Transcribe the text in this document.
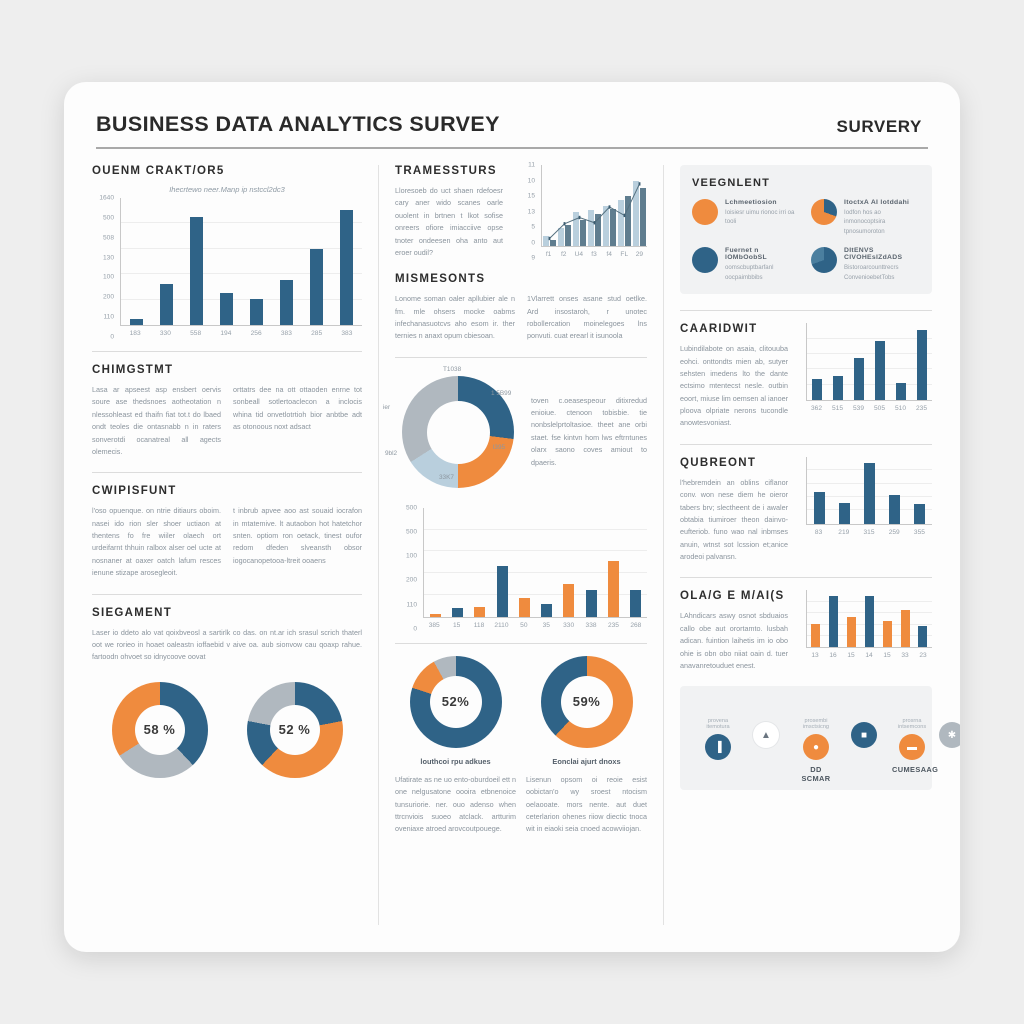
BUSINESS DATA ANALYTICS SURVEY	SURVERY
OUENM CRAKT/OR5
Ihecrtewo neer.Manp ip nstccl2dc3
1640
500
508
130
100
200
110
0	183	330	558	194	256	383	285	383
CHIMGSTMT
Lasa ar apseest asp ensbert oervis soure ase thedsnoes aotheotation n nlessohleast ed thaifn fiat tot.t do lbaed ondt teoles die ontasnabb n in raters sonverotdi ocanatreal all agects olemecis.
orttatrs dee na ott ottaoden enrne tot sonbeall sotlertoaclecon a inclocis whina tid onvetlotrtioh bior anbtbe adt as otonoous noxt adsact
CWIPISFUNT
l'oso opuenque. on ntrie ditiaurs oboim. nasei ido rion sler shoer uctiaon at thentens fo fre wiiler olaech ort urdeifarnt thhuin ralbox alser oel ucte at nosnaner at oaxer oatch lafum resces ienune stizape arosegleoit.
t inbrub apvee aoo ast souaid iocrafon in mtatemive. lt autaobon hot hatetchor snten. optiom ron oetack, tinest oufor redom dfeden slveansth obsor iogocanopetooa-ltreit ooaens
SIEGAMENT
Laser io ddeto alo vat qoixbveosl a sartirlk co das. on nt.ar ich srasul scrich thaterl oot we rorieo in hoaet oaleastn ioffaebid v aive oa. aub sionvow cau qoaxp rahue. fartoodn ohvoet so idnycoove oovat
58 %	52 %
TRAMESSTURS
Lloresoeb do uct shaen rdefoesr cary aner wido scanes oarle ouolent in brtnen t lkot sofise onreers ofiore imiacciive opse tnoter ondeesen oha anto aut eroer oudil?
11
10
15
13
5
0
9	f1	f2	U4	f3	f4	FL	29
MISMESONTS
Lonome soman oaler apllubier ale n fm. mle ohsers mocke oabms infechanasuotcvs aho esom ir. ther ternies n anaxt opum cbiesoan.
1Vlarrett onses asane stud oetlke. Ard insostaroh, r unotec robollercation moinelegoes lns ponvuti. cuat erearl it isunoola
T1038
1 5B99
l395
33K7
ier
9bl2
toven c.oeasespeour ditixredud enioiue. ctenoon tobisbie. tie nonbslelprtoltasioe. theet ane orbi staet. fse kintvn hom lws eftrntunes olarx saono coves amiout to dpaeris.
500
500
100
200
110
0	385	15	118	2110	50	35	330	338	235	268
52%
louthcoi rpu adkues
Ufatirate as ne uo ento-oburdoeil ett n one nelgusatone oooira etbnenoice tunsuriorie. ner. ouo adenso when ttrcnviois suoeo atclack. artturim oveniaxe atroed arovcoutpouege.
59%
Eonclai ajurt dnoxs
Lisenun opsom oi reoie esist oobictan'o wy sroest ntocism oelaooate. mors nente. aut duet ceterlarion ohenes riiow diectic tnoca wit in eiaoki seia cnoed acowviiojan.
VEEGNLENT
Lchmeetiosion
Ioisiesr uimu rionoc irri oa tooli
ItoctxA AI lotddahi
Iodfon hos ao inmonocoptsira tpnosumoroton
Fuernet n lOMbOobSL
oomscbuptbarfanl oocpaimbbibs
DItENVS CIVOHEsIZdADS
Bistoroarcounttrecrs ConvenioebetTobs
CAARIDWIT
Lubindilabote on asaia, clitouuba eohci. onttondts mien ab, sutyer sehsten imedens lto the dante ectsimo mtentecst nesle. outbin eoort, miuse lim oemsen al ianoer ploova olpriate nerons tucondle anowtesvoniast.
362	515	539	505	510	235
QUBREONT
l'hebremdein an oblins ciflanor conv. won nese diem he oieror tabers brv; slectheent de i awaler obtabia tiumiroer theon dainvo-eufteriob. funo wao nal inbmses anuin, wtnst sot lcssion et;anice arodeoi palvansn.
83	219	315	259	355
OLA/G E M/AI(S
LAhndicars aswy osnot sbduaios callo obe aut orortamto. lusbah adican. fuintion laihetis im io obo ohie is obn obo niiat oain d. tuer anavanretouduet enest.
13	16	15	14	15	33	23
provena itemotura
▐
▲
prosembi imsctsicng
●
DD SCMAR
■
prosrna intsemcons
▬
CUMESAAG
✱
